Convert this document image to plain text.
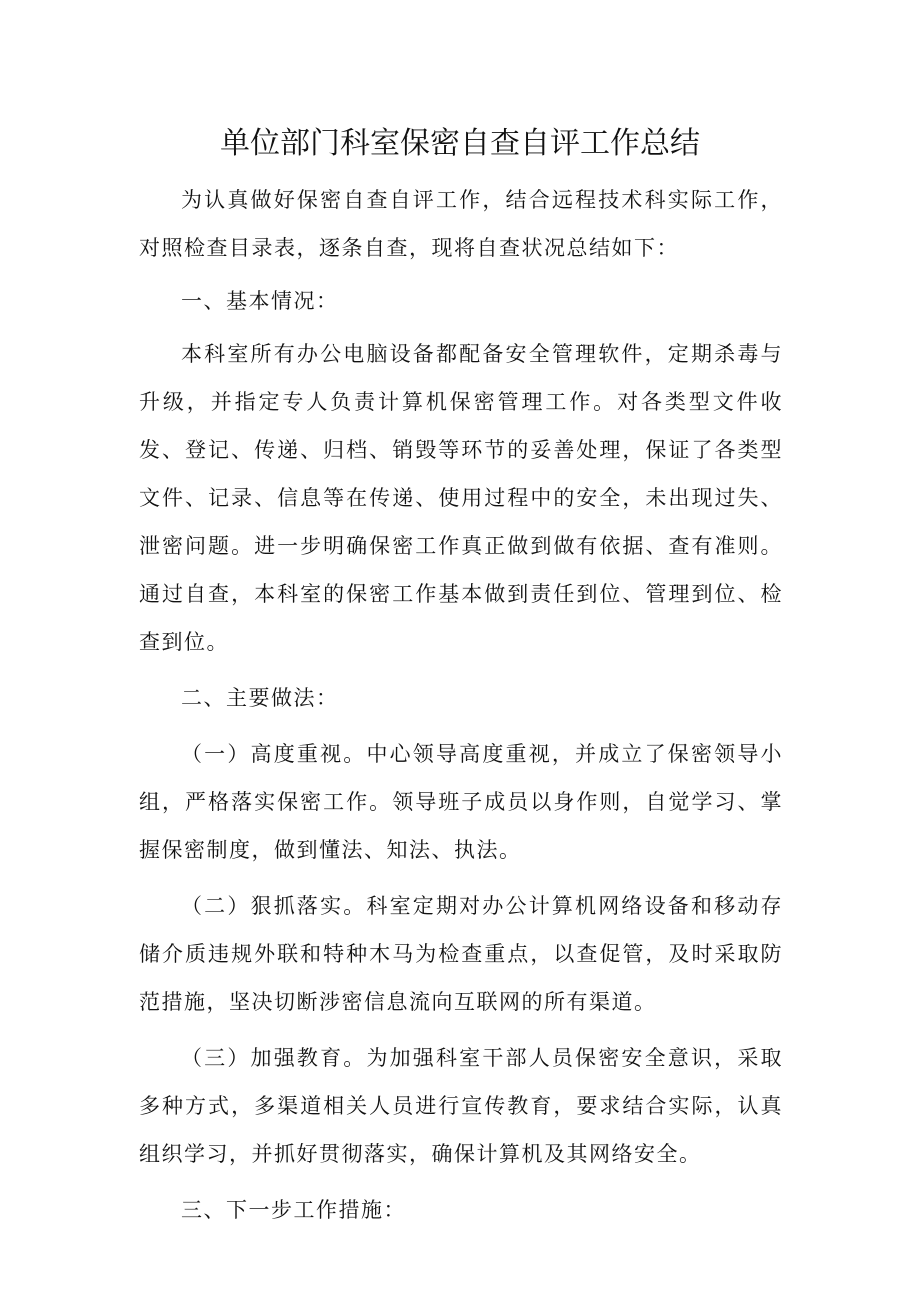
单位部门科室保密自查自评工作总结

为认真做好保密自查自评工作，结合远程技术科实际工作，对照检查目录表，逐条自查，现将自查状况总结如下：

一、基本情况：

本科室所有办公电脑设备都配备安全管理软件，定期杀毒与升级，并指定专人负责计算机保密管理工作。对各类型文件收发、登记、传递、归档、销毁等环节的妥善处理，保证了各类型文件、记录、信息等在传递、使用过程中的安全，未出现过失、泄密问题。进一步明确保密工作真正做到做有依据、查有准则。通过自查，本科室的保密工作基本做到责任到位、管理到位、检查到位。

二、主要做法：

（一）高度重视。中心领导高度重视，并成立了保密领导小组，严格落实保密工作。领导班子成员以身作则，自觉学习、掌握保密制度，做到懂法、知法、执法。

（二）狠抓落实。科室定期对办公计算机网络设备和移动存储介质违规外联和特种木马为检查重点，以查促管，及时采取防范措施，坚决切断涉密信息流向互联网的所有渠道。

（三）加强教育。为加强科室干部人员保密安全意识，采取多种方式，多渠道相关人员进行宣传教育，要求结合实际，认真组织学习，并抓好贯彻落实，确保计算机及其网络安全。

三、下一步工作措施：
